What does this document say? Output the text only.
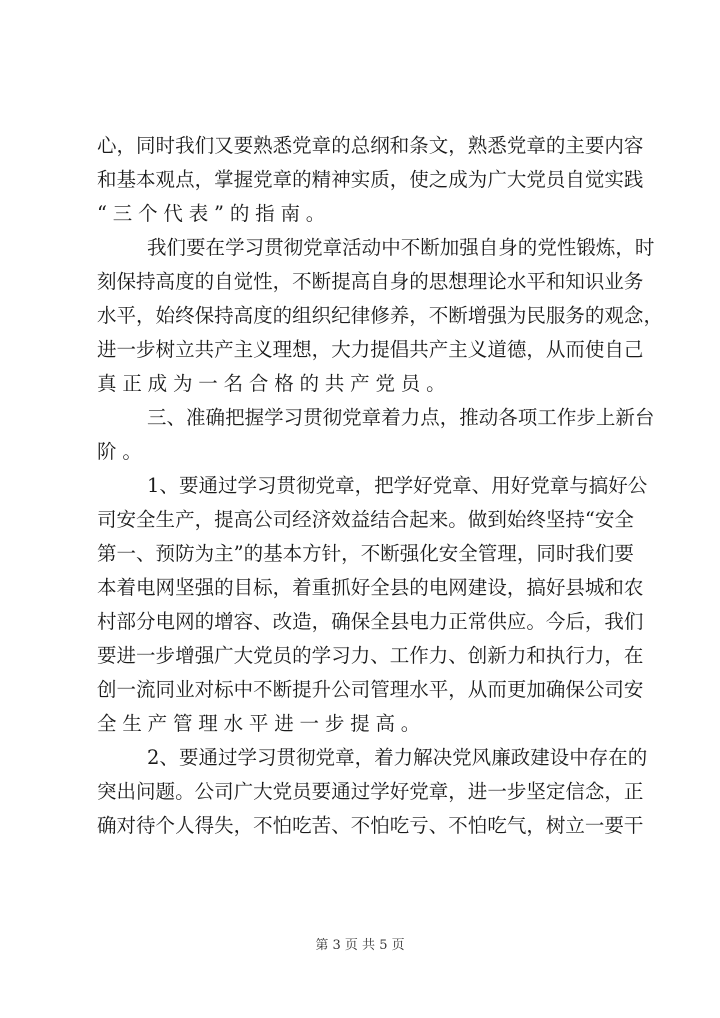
心 ， 同 时 我 们 又 要 熟 悉 党 章 的 总 纲 和 条 文 ， 熟 悉 党 章 的 主 要 内 容
和 基 本 观 点 ， 掌 握 党 章 的 精 神 实 质 ， 使 之 成 为 广 大 党 员 自 觉 实 践
“ 三 个 代 表 ” 的 指 南 。
我 们 要 在 学 习 贯 彻 党 章 活 动 中 不 断 加 强 自 身 的 党 性 锻 炼 ， 时
刻 保 持 高 度 的 自 觉 性 ， 不 断 提 高 自 身 的 思 想 理 论 水 平 和 知 识 业 务
水 平 ， 始 终 保 持 高 度 的 组 织 纪 律 修 养 ， 不 断 增 强 为 民 服 务 的 观 念 ，
进 一 步 树 立 共 产 主 义 理 想 ， 大 力 提 倡 共 产 主 义 道 德 ， 从 而 使 自 己
真 正 成 为 一 名 合 格 的 共 产 党 员 。
三 、 准 确 把 握 学 习 贯 彻 党 章 着 力 点 ， 推 动 各 项 工 作 步 上 新 台
阶 。
1 、 要 通 过 学 习 贯 彻 党 章 ， 把 学 好 党 章 、 用 好 党 章 与 搞 好 公
司 安 全 生 产 ， 提 高 公 司 经 济 效 益 结 合 起 来 。 做 到 始 终 坚 持 “ 安 全
第 一 、 预 防 为 主 ” 的 基 本 方 针 ， 不 断 强 化 安 全 管 理 ， 同 时 我 们 要
本 着 电 网 坚 强 的 目 标 ， 着 重 抓 好 全 县 的 电 网 建 设 ， 搞 好 县 城 和 农
村 部 分 电 网 的 增 容 、 改 造 ， 确 保 全 县 电 力 正 常 供 应 。 今 后 ， 我 们
要 进 一 步 增 强 广 大 党 员 的 学 习 力 、 工 作 力 、 创 新 力 和 执 行 力 ， 在
创 一 流 同 业 对 标 中 不 断 提 升 公 司 管 理 水 平 ， 从 而 更 加 确 保 公 司 安
全 生 产 管 理 水 平 进 一 步 提 高 。
2 、 要 通 过 学 习 贯 彻 党 章 ， 着 力 解 决 党 风 廉 政 建 设 中 存 在 的
突 出 问 题 。 公 司 广 大 党 员 要 通 过 学 好 党 章 ， 进 一 步 坚 定 信 念 ， 正
确 对 待 个 人 得 失 ， 不 怕 吃 苦 、 不 怕 吃 亏 、 不 怕 吃 气 ， 树 立 一 要 干
第 3 页 共 5 页
